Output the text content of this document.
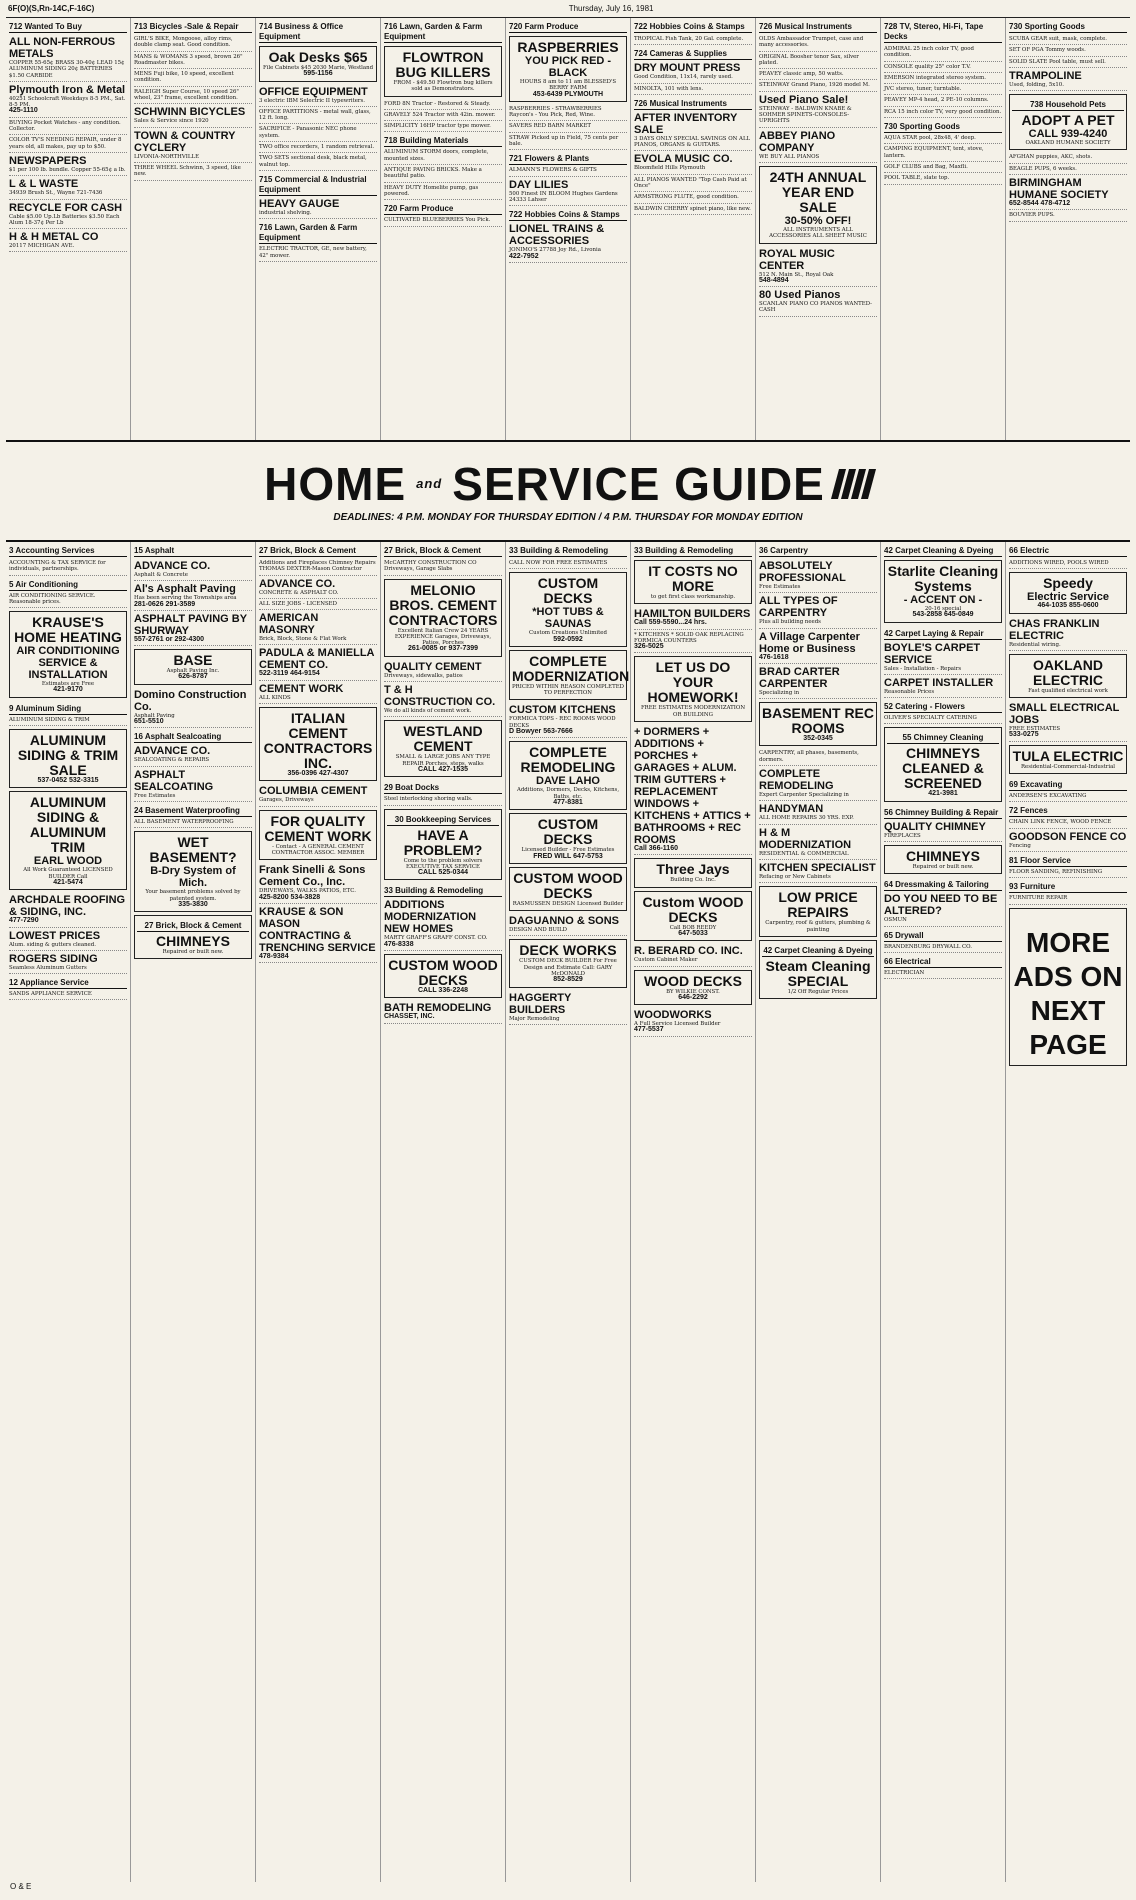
6F(O)(S,Rn-14C,F-16C)	Thursday, July 16, 1981
712 Wanted To Buy
ALL NON-FERROUS METALS
COPPER 55-65¢ BRASS 30-40¢ LEAD 15¢ ALUMINUM SIDING 20¢ BATTERIES $1.50 CARBIDE
Plymouth Iron & Metal
40251 Schoolcraft Weekdays 8-5 PM., Sat. 8-5 PM.
425-1110
BUYING Pocket Watches - any condition. Collector.
COLOR TV'S NEEDING REPAIR, under 8 years old, all makes, pay up to $50.
NEWSPAPERS
$1 per 100 lb. bundle. Copper 55-65¢ a lb.
L & L WASTE
34939 Brush St., Wayne 721-7436
RECYCLE FOR CASH
Cable $5.00 Up.Lb Batteries $3.50 Each Alum 18-37¢ Per Lb
H & H METAL CO
20117 MICHIGAN AVE.
713 Bicycles -Sale & Repair
GIRL'S BIKE, Mongoose, alloy rims, double clamp seat. Good condition.
MANS & WOMANS 3 speed, brown 26" Roadmaster bikes.
MENS Fuji bike, 10 speed, excellent condition.
RALEIGH Super Course, 10 speed 26" wheel, 23" frame, excellent condition.
SCHWINN BICYCLES
Sales & Service since 1920
TOWN & COUNTRY CYCLERY
LIVONIA-NORTHVILLE
THREE WHEEL Schwinn, 3 speed, like new.
714 Business & Office Equipment
Oak Desks $65
File Cabinets $45 2030 Marie, Westland
595-1156
OFFICE EQUIPMENT
3 electric IBM Selectric II typewriters.
OFFICE PARTITIONS - metal wall, glass, 12 ft. long.
SACRIFICE - Panasonic NEC phone system.
TWO office recorders, 1 random retrieval.
TWO SETS sectional desk, black metal, walnut top.
715 Commercial & Industrial Equipment
HEAVY GAUGE
industrial shelving.
716 Lawn, Garden & Farm Equipment
ELECTRIC TRACTOR, GE, new battery, 42" mower.
716 Lawn, Garden & Farm Equipment
FLOWTRON BUG KILLERS
FROM - $49.50 Flowtron bug killers sold as Demonstrators.
FORD 8N Tractor - Restored & Steady.
GRAVELY 524 Tractor with 42in. mower.
SIMPLICITY 16HP tractor type mower.
718 Building Materials
ALUMINUM STORM doors, complete, mounted sizes.
ANTIQUE PAVING BRICKS. Make a beautiful patio.
HEAVY DUTY Homelite pump, gas powered.
720 Farm Produce
CULTIVATED BLUEBERRIES You Pick.
720 Farm Produce
RASPBERRIES
YOU PICK RED - BLACK
HOURS 8 am to 11 am BLESSED'S BERRY FARM
453-6439 PLYMOUTH
RASPBERRIES - STRAWBERRIES Raycon's - You Pick, Red, Wine.
SAVERS RED BARN MARKET
STRAW Picked up in Field, 75 cents per bale.
721 Flowers & Plants
ALMANN'S FLOWERS & GIFTS
DAY LILIES
500 Finest IN BLOOM Hughes Gardens 24333 Lahser
722 Hobbies Coins & Stamps
LIONEL TRAINS & ACCESSORIES
JONIMO'S 27788 Joy Rd., Livonia
422-7952
722 Hobbies Coins & Stamps
TROPICAL Fish Tank, 20 Gal. complete.
724 Cameras & Supplies
DRY MOUNT PRESS
Good Condition, 11x14, rarely used.
MINOLTA, 101 with lens.
726 Musical Instruments
AFTER INVENTORY SALE
3 DAYS ONLY SPECIAL SAVINGS ON ALL PIANOS, ORGANS & GUITARS.
EVOLA MUSIC CO.
Bloomfield Hills Plymouth
ALL PIANOS WANTED "Top Cash Paid at Once"
ARMSTRONG FLUTE, good condition.
BALDWIN CHERRY spinet piano, like new.
726 Musical Instruments
OLDS Ambassador Trumpet, case and many accessories.
ORIGINAL Boosher tenor Sax, silver plated.
PEAVEY classic amp, 50 watts.
STEINWAY Grand Piano, 1926 model M.
Used Piano Sale!
STEINWAY - BALDWIN KNABE & SOHMER SPINETS-CONSOLES-UPRIGHTS
ABBEY PIANO COMPANY
WE BUY ALL PIANOS
24TH ANNUAL YEAR END SALE
30-50% OFF!
ALL INSTRUMENTS ALL ACCESSORIES ALL SHEET MUSIC
ROYAL MUSIC CENTER
512 N. Main St., Royal Oak
548-4894
80 Used Pianos
SCANLAN PIANO CO PIANOS WANTED-CASH
728 TV, Stereo, Hi-Fi, Tape Decks
ADMIRAL 25 inch color TV, good condition.
CONSOLE quality 25" color T.V.
EMERSON integrated stereo system.
JVC stereo, tuner, turntable.
PEAVEY MP-4 head, 2 PE-10 columns.
RCA 15 inch color TV, very good condition.
730 Sporting Goods
AQUA STAR pool, 28x48, 4' deep.
CAMPING EQUIPMENT, tent, stove, lantern.
GOLF CLUBS and Bag, Maxfli.
POOL TABLE, slate top.
730 Sporting Goods
SCUBA GEAR suit, mask, complete.
SET OF PGA Tommy woods.
SOLID SLATE Pool table, must sell.
TRAMPOLINE
Used, folding, 5x10.
738 Household Pets
ADOPT A PET
CALL 939-4240
OAKLAND HUMANE SOCIETY
AFGHAN puppies, AKC, shots.
BEAGLE PUPS, 6 weeks.
BIRMINGHAM HUMANE SOCIETY
652-8544 478-4712
BOUVIER PUPS.
HOME and SERVICE GUIDE
DEADLINES: 4 P.M. MONDAY FOR THURSDAY EDITION / 4 P.M. THURSDAY FOR MONDAY EDITION
3 Accounting Services
ACCOUNTING & TAX SERVICE for individuals, partnerships.
5 Air Conditioning
AIR CONDITIONING SERVICE. Reasonable prices.
KRAUSE'S HOME HEATING
AIR CONDITIONING SERVICE & INSTALLATION
Estimates are Free
421-9170
9 Aluminum Siding
ALUMINUM SIDING & TRIM
ALUMINUM SIDING & TRIM SALE
537-0452 532-3315
ALUMINUM SIDING & ALUMINUM TRIM
EARL WOOD
All Work Guaranteed LICENSED BUILDER Call
421-5474
ARCHDALE ROOFING & SIDING, INC.
477-7290
LOWEST PRICES
Alum. siding & gutters cleaned.
ROGERS SIDING
Seamless Aluminum Gutters
12 Appliance Service
SANDS APPLIANCE SERVICE
15 Asphalt
ADVANCE CO.
Asphalt & Concrete
Al's Asphalt Paving
Has been serving the Townships area
281-0626 291-3589
ASPHALT PAVING BY SHURWAY
557-2761 or 292-4300
BASE
Asphalt Paving Inc.
626-8787
Domino Construction Co.
Asphalt Paving
651-5510
16 Asphalt Sealcoating
ADVANCE CO.
SEALCOATING & REPAIRS
ASPHALT SEALCOATING
Free Estimates
24 Basement Waterproofing
ALL BASEMENT WATERPROOFING
WET BASEMENT?
B-Dry System of Mich.
Your basement problems solved by patented system.
335-3830
27 Brick, Block & Cement
CHIMNEYS
Repaired or built new.
27 Brick, Block & Cement
Additions and Fireplaces Chimney Repairs THOMAS DEXTER-Mason Contractor
ADVANCE CO.
CONCRETE & ASPHALT CO.
ALL SIZE JOBS - LICENSED
AMERICAN MASONRY
Brick, Block, Stone & Flat Work
PADULA & MANIELLA CEMENT CO.
522-3119 464-9154
CEMENT WORK
ALL KINDS
ITALIAN CEMENT CONTRACTORS INC.
356-0396 427-4307
COLUMBIA CEMENT
Garages, Driveways
FOR QUALITY CEMENT WORK
- Contact - A GENERAL CEMENT CONTRACTOR ASSOC. MEMBER
Frank Sinelli & Sons Cement Co., Inc.
DRIVEWAYS, WALKS PATIOS, ETC.
425-8200 534-3828
KRAUSE & SON MASON CONTRACTING & TRENCHING SERVICE
478-9384
27 Brick, Block & Cement
McCARTHY CONSTRUCTION CO Driveways, Garage Slabs
MELONIO BROS. CEMENT CONTRACTORS
Excellent Italian Crew 24 YEARS EXPERIENCE Garages, Driveways, Patios, Porches
261-0085 or 937-7399
QUALITY CEMENT
Driveways, sidewalks, patios
T & H CONSTRUCTION CO.
We do all kinds of cement work.
WESTLAND CEMENT
SMALL & LARGE JOBS ANY TYPE REPAIR Porches, steps, walks
CALL 427-1535
29 Boat Docks
Steel interlocking shoring walls.
30 Bookkeeping Services
HAVE A PROBLEM?
Come to the problem solvers EXECUTIVE TAX SERVICE
CALL 525-0344
33 Building & Remodeling
ADDITIONS MODERNIZATION NEW HOMES
MARTY GRAFF'S GRAFF CONST. CO.
476-8338
CUSTOM WOOD DECKS
CALL 336-2248
BATH REMODELING
CHASSET, INC.
33 Building & Remodeling
CALL NOW FOR FREE ESTIMATES
CUSTOM DECKS
*HOT TUBS & SAUNAS
Custom Creations Unlimited
592-0592
COMPLETE MODERNIZATION
PRICED WITHIN REASON COMPLETED TO PERFECTION
CUSTOM KITCHENS
FORMICA TOPS - REC ROOMS WOOD DECKS
D Bowyer 563-7666
COMPLETE REMODELING
DAVE LAHO
Additions, Dormers, Decks, Kitchens, Baths, etc.
477-8381
CUSTOM DECKS
Licensed Builder - Free Estimates
FRED WILL 647-5753
CUSTOM WOOD DECKS
RASMUSSEN DESIGN Licensed Builder
DAGUANNO & SONS
DESIGN AND BUILD
DECK WORKS
CUSTOM DECK BUILDER For Free Design and Estimate Call: GARY McDONALD
852-8529
HAGGERTY BUILDERS
Major Remodeling
33 Building & Remodeling
IT COSTS NO MORE
to get first class workmanship.
HAMILTON BUILDERS
Call 559-5590...24 hrs.
* KITCHENS * SOLID OAK REPLACING FORMICA COUNTERS
326-5025
LET US DO YOUR HOMEWORK!
FREE ESTIMATES MODERNIZATION OR BUILDING
+ DORMERS + ADDITIONS + PORCHES + GARAGES + ALUM. TRIM GUTTERS + REPLACEMENT WINDOWS + KITCHENS + ATTICS + BATHROOMS + REC ROOMS
Call 366-1160
Three Jays
Building Co. Inc.
Custom WOOD DECKS
Call BOB REEDY
647-5033
R. BERARD CO. INC.
Custom Cabinet Maker
WOOD DECKS
BY WILKIE CONST.
646-2292
WOODWORKS
A Full Service Licensed Builder
477-5537
36 Carpentry
ABSOLUTELY PROFESSIONAL
Free Estimates
ALL TYPES OF CARPENTRY
Plus all building needs
A Village Carpenter Home or Business
476-1618
BRAD CARTER CARPENTER
Specializing in
BASEMENT REC ROOMS
352-0345
CARPENTRY, all phases, basements, dormers.
COMPLETE REMODELING
Expert Carpenter Specializing in
HANDYMAN
ALL HOME REPAIRS 30 YRS. EXP.
H & M MODERNIZATION
RESIDENTIAL & COMMERCIAL
KITCHEN SPECIALIST
Refacing or New Cabinets
LOW PRICE REPAIRS
Carpentry, roof & gutters, plumbing & painting
42 Carpet Cleaning & Dyeing
Steam Cleaning SPECIAL
1/2 Off Regular Prices
42 Carpet Cleaning & Dyeing
Starlite Cleaning Systems
- ACCENT ON -
20-16 special
543-2858 645-0849
42 Carpet Laying & Repair
BOYLE'S CARPET SERVICE
Sales - Installation - Repairs
CARPET INSTALLER
Reasonable Prices
52 Catering - Flowers
OLIVER'S SPECIALTY CATERING
55 Chimney Cleaning
CHIMNEYS CLEANED & SCREENED
421-3981
56 Chimney Building & Repair
QUALITY CHIMNEY
FIREPLACES
CHIMNEYS
Repaired or built new.
64 Dressmaking & Tailoring
DO YOU NEED TO BE ALTERED?
OSMUN
65 Drywall
BRANDENBURG DRYWALL CO.
66 Electrical
ELECTRICIAN
66 Electric
ADDITIONS WIRED, POOLS WIRED
Speedy
Electric Service
464-1035 855-0600
CHAS FRANKLIN ELECTRIC
Residential wiring.
OAKLAND ELECTRIC
Fast qualified electrical work
SMALL ELECTRICAL JOBS
FREE ESTIMATES
533-0275
TULA ELECTRIC
Residential-Commercial-Industrial
69 Excavating
ANDERSEN'S EXCAVATING
72 Fences
CHAIN LINK FENCE, WOOD FENCE
GOODSON FENCE CO
Fencing
81 Floor Service
FLOOR SANDING, REFINISHING
93 Furniture
FURNITURE REPAIR
MORE ADS ON NEXT PAGE
O & E
